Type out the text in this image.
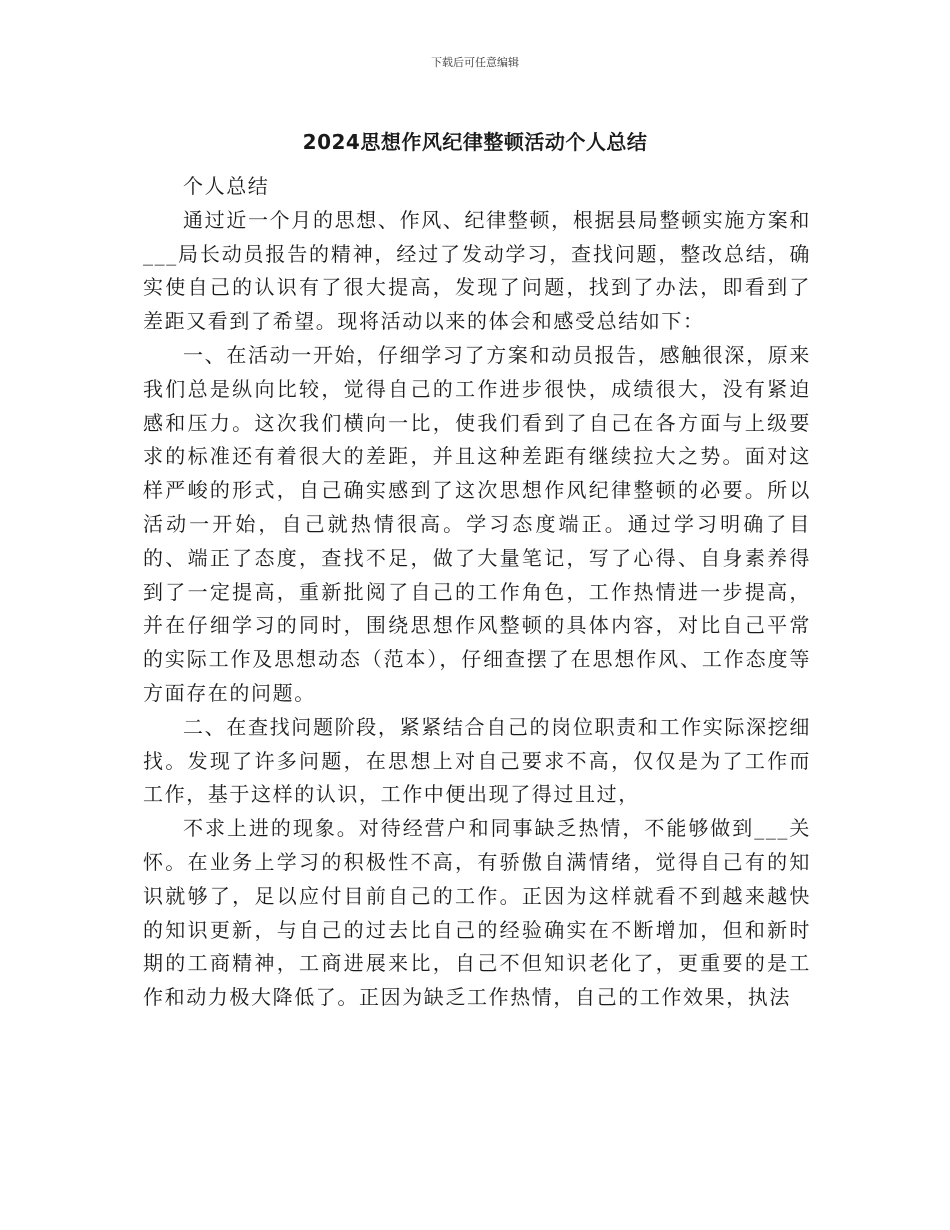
下载后可任意编辑
2024思想作风纪律整顿活动个人总结

个人总结

通过近一个月的思想、作风、纪律整顿，根据县局整顿实施方案和___局长动员报告的精神，经过了发动学习，查找问题，整改总结，确实使自己的认识有了很大提高，发现了问题，找到了办法，即看到了差距又看到了希望。现将活动以来的体会和感受总结如下：

一、在活动一开始，仔细学习了方案和动员报告，感触很深，原来我们总是纵向比较，觉得自己的工作进步很快，成绩很大，没有紧迫感和压力。这次我们横向一比，使我们看到了自己在各方面与上级要求的标准还有着很大的差距，并且这种差距有继续拉大之势。面对这样严峻的形式，自己确实感到了这次思想作风纪律整顿的必要。所以活动一开始，自己就热情很高。学习态度端正。通过学习明确了目的、端正了态度，查找不足，做了大量笔记，写了心得、自身素养得到了一定提高，重新批阅了自己的工作角色，工作热情进一步提高，并在仔细学习的同时，围绕思想作风整顿的具体内容，对比自己平常的实际工作及思想动态（范本），仔细查摆了在思想作风、工作态度等方面存在的问题。

二、在查找问题阶段，紧紧结合自己的岗位职责和工作实际深挖细找。发现了许多问题，在思想上对自己要求不高，仅仅是为了工作而工作，基于这样的认识，工作中便出现了得过且过，

不求上进的现象。对待经营户和同事缺乏热情，不能够做到___关怀。在业务上学习的积极性不高，有骄傲自满情绪，觉得自己有的知识就够了，足以应付目前自己的工作。正因为这样就看不到越来越快的知识更新，与自己的过去比自己的经验确实在不断增加，但和新时期的工商精神，工商进展来比，自己不但知识老化了，更重要的是工作和动力极大降低了。正因为缺乏工作热情，自己的工作效果，执法
